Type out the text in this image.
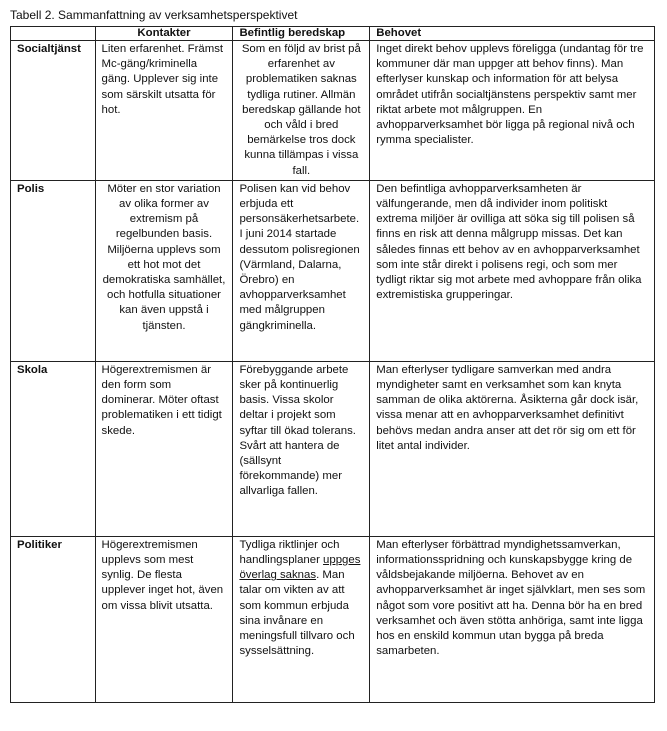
Tabell 2. Sammanfattning av verksamhetsperspektivet
	Kontakter	Befintlig beredskap	Behovet
Socialtjänst	Liten erfarenhet. Främst Mc-gäng/kriminella gäng. Upplever sig inte som särskilt utsatta för hot.	Som en följd av brist på erfarenhet av problematiken saknas tydliga rutiner. Allmän beredskap gällande hot och våld i bred bemärkelse tros dock kunna tillämpas i vissa fall.	Inget direkt behov upplevs föreligga (undantag för tre kommuner där man uppger att behov finns). Man efterlyser kunskap och information för att belysa området utifrån socialtjänstens perspektiv samt mer riktat arbete mot målgruppen. En avhopparverksamhet bör ligga på regional nivå och rymma specialister.
Polis	Möter en stor variation av olika former av extremism på regelbunden basis. Miljöerna upplevs som ett hot mot det demokratiska samhället, och hotfulla situationer kan även uppstå i tjänsten.	Polisen kan vid behov erbjuda ett personsäkerhetsarbete. I juni 2014 startade dessutom polisregionen (Värmland, Dalarna, Örebro) en avhopparverksamhet med målgruppen gängkriminella.	Den befintliga avhopparverksamheten är välfungerande, men då individer inom politiskt extrema miljöer är ovilliga att söka sig till polisen så finns en risk att denna målgrupp missas. Det kan således finnas ett behov av en avhopparverksamhet som inte står direkt i polisens regi, och som mer tydligt riktar sig mot arbete med avhoppare från olika extremistiska grupperingar.
Skola	Högerextremismen är den form som dominerar. Möter oftast problematiken i ett tidigt skede.	Förebyggande arbete sker på kontinuerlig basis. Vissa skolor deltar i projekt som syftar till ökad tolerans. Svårt att hantera de (sällsynt förekommande) mer allvarliga fallen.	Man efterlyser tydligare samverkan med andra myndigheter samt en verksamhet som kan knyta samman de olika aktörerna. Åsikterna går dock isär, vissa menar att en avhopparverksamhet definitivt behövs medan andra anser att det rör sig om ett för litet antal individer.
Politiker	Högerextremismen upplevs som mest synlig. De flesta upplever inget hot, även om vissa blivit utsatta.	Tydliga riktlinjer och handlingsplaner uppges överlag saknas. Man talar om vikten av att som kommun erbjuda sina invånare en meningsfull tillvaro och sysselsättning.	Man efterlyser förbättrad myndighetssamverkan, informationsspridning och kunskapsbygge kring de våldsbejakande miljöerna. Behovet av en avhopparverksamhet är inget självklart, men ses som något som vore positivt att ha. Denna bör ha en bred verksamhet och även stötta anhöriga, samt inte ligga hos en enskild kommun utan bygga på breda samarbeten.
